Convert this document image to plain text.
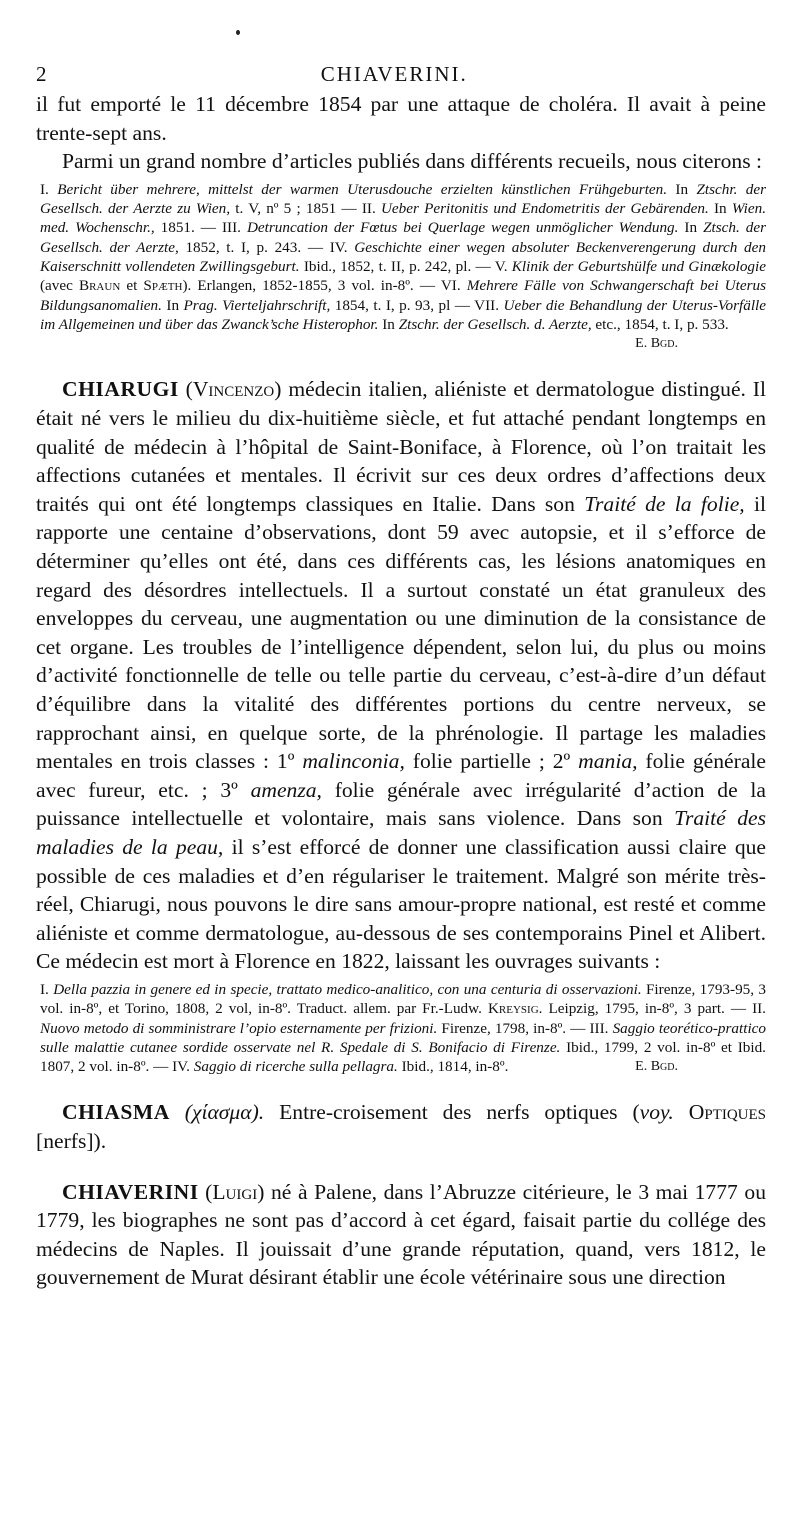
2	CHIAVERINI.

il fut emporté le 11 décembre 1854 par une attaque de choléra. Il avait à peine trente-sept ans.

Parmi un grand nombre d’articles publiés dans différents recueils, nous citerons :

I. Bericht über mehrere, mittelst der warmen Uterusdouche erzielten künstlichen Frühgeburten. In Ztschr. der Gesellsch. der Aerzte zu Wien, t. V, nº 5 ; 1851 — II. Ueber Peritonitis und Endometritis der Gebärenden. In Wien. med. Wochenschr., 1851. — III. Detruncation der Fœtus bei Querlage wegen unmöglicher Wendung. In Ztsch. der Gesellsch. der Aerzte, 1852, t. I, p. 243. — IV. Geschichte einer wegen absoluter Beckenverengerung durch den Kaiserschnitt vollendeten Zwillingsgeburt. Ibid., 1852, t. II, p. 242, pl. — V. Klinik der Geburtshülfe und Ginækologie (avec Braun et Spæth). Erlangen, 1852-1855, 3 vol. in-8º. — VI. Mehrere Fälle von Schwangerschaft bei Uterus Bildungsanomalien. In Prag. Vierteljahrschrift, 1854, t. I, p. 93, pl — VII. Ueber die Behandlung der Uterus-Vorfälle im Allgemeinen und über das Zwanck’sche Histerophor. In Ztschr. der Gesellsch. d. Aerzte, etc., 1854, t. I, p. 533.
E. Bgd.

CHIARUGI (Vincenzo) médecin italien, aliéniste et dermatologue distingué. Il était né vers le milieu du dix-huitième siècle, et fut attaché pendant longtemps en qualité de médecin à l’hôpital de Saint-Boniface, à Florence, où l’on traitait les affections cutanées et mentales. Il écrivit sur ces deux ordres d’affections deux traités qui ont été longtemps classiques en Italie. Dans son Traité de la folie, il rapporte une centaine d’observations, dont 59 avec autopsie, et il s’efforce de déterminer qu’elles ont été, dans ces différents cas, les lésions anatomiques en regard des désordres intellectuels. Il a surtout constaté un état granuleux des enveloppes du cerveau, une augmentation ou une diminution de la consistance de cet organe. Les troubles de l’intelligence dépendent, selon lui, du plus ou moins d’activité fonctionnelle de telle ou telle partie du cerveau, c’est-à-dire d’un défaut d’équilibre dans la vitalité des différentes portions du centre nerveux, se rapprochant ainsi, en quelque sorte, de la phrénologie. Il partage les maladies mentales en trois classes : 1º malinconia, folie partielle ; 2º mania, folie générale avec fureur, etc. ; 3º amenza, folie générale avec irrégularité d’action de la puissance intellectuelle et volontaire, mais sans violence. Dans son Traité des maladies de la peau, il s’est efforcé de donner une classification aussi claire que possible de ces maladies et d’en régulariser le traitement. Malgré son mérite très-réel, Chiarugi, nous pouvons le dire sans amour-propre national, est resté et comme aliéniste et comme dermatologue, au-dessous de ses contemporains Pinel et Alibert. Ce médecin est mort à Florence en 1822, laissant les ouvrages suivants :

I. Della pazzia in genere ed in specie, trattato medico-analitico, con una centuria di osservazioni. Firenze, 1793-95, 3 vol. in-8º, et Torino, 1808, 2 vol, in-8º. Traduct. allem. par Fr.-Ludw. Kreysig. Leipzig, 1795, in-8º, 3 part. — II. Nuovo metodo di somministrare l’opio esternamente per frizioni. Firenze, 1798, in-8º. — III. Saggio teorético-prattico sulle malattie cutanee sordide osservate nel R. Spedale di S. Bonifacio di Firenze. Ibid., 1799, 2 vol. in-8º et Ibid. 1807, 2 vol. in-8º. — IV. Saggio di ricerche sulla pellagra. Ibid., 1814, in-8º.	E. Bgd.

CHIASMA (χίασμα). Entre-croisement des nerfs optiques (voy. Optiques [nerfs]).

CHIAVERINI (Luigi) né à Palene, dans l’Abruzze citérieure, le 3 mai 1777 ou 1779, les biographes ne sont pas d’accord à cet égard, faisait partie du collége des médecins de Naples. Il jouissait d’une grande réputation, quand, vers 1812, le gouvernement de Murat désirant établir une école vétérinaire sous une direction
